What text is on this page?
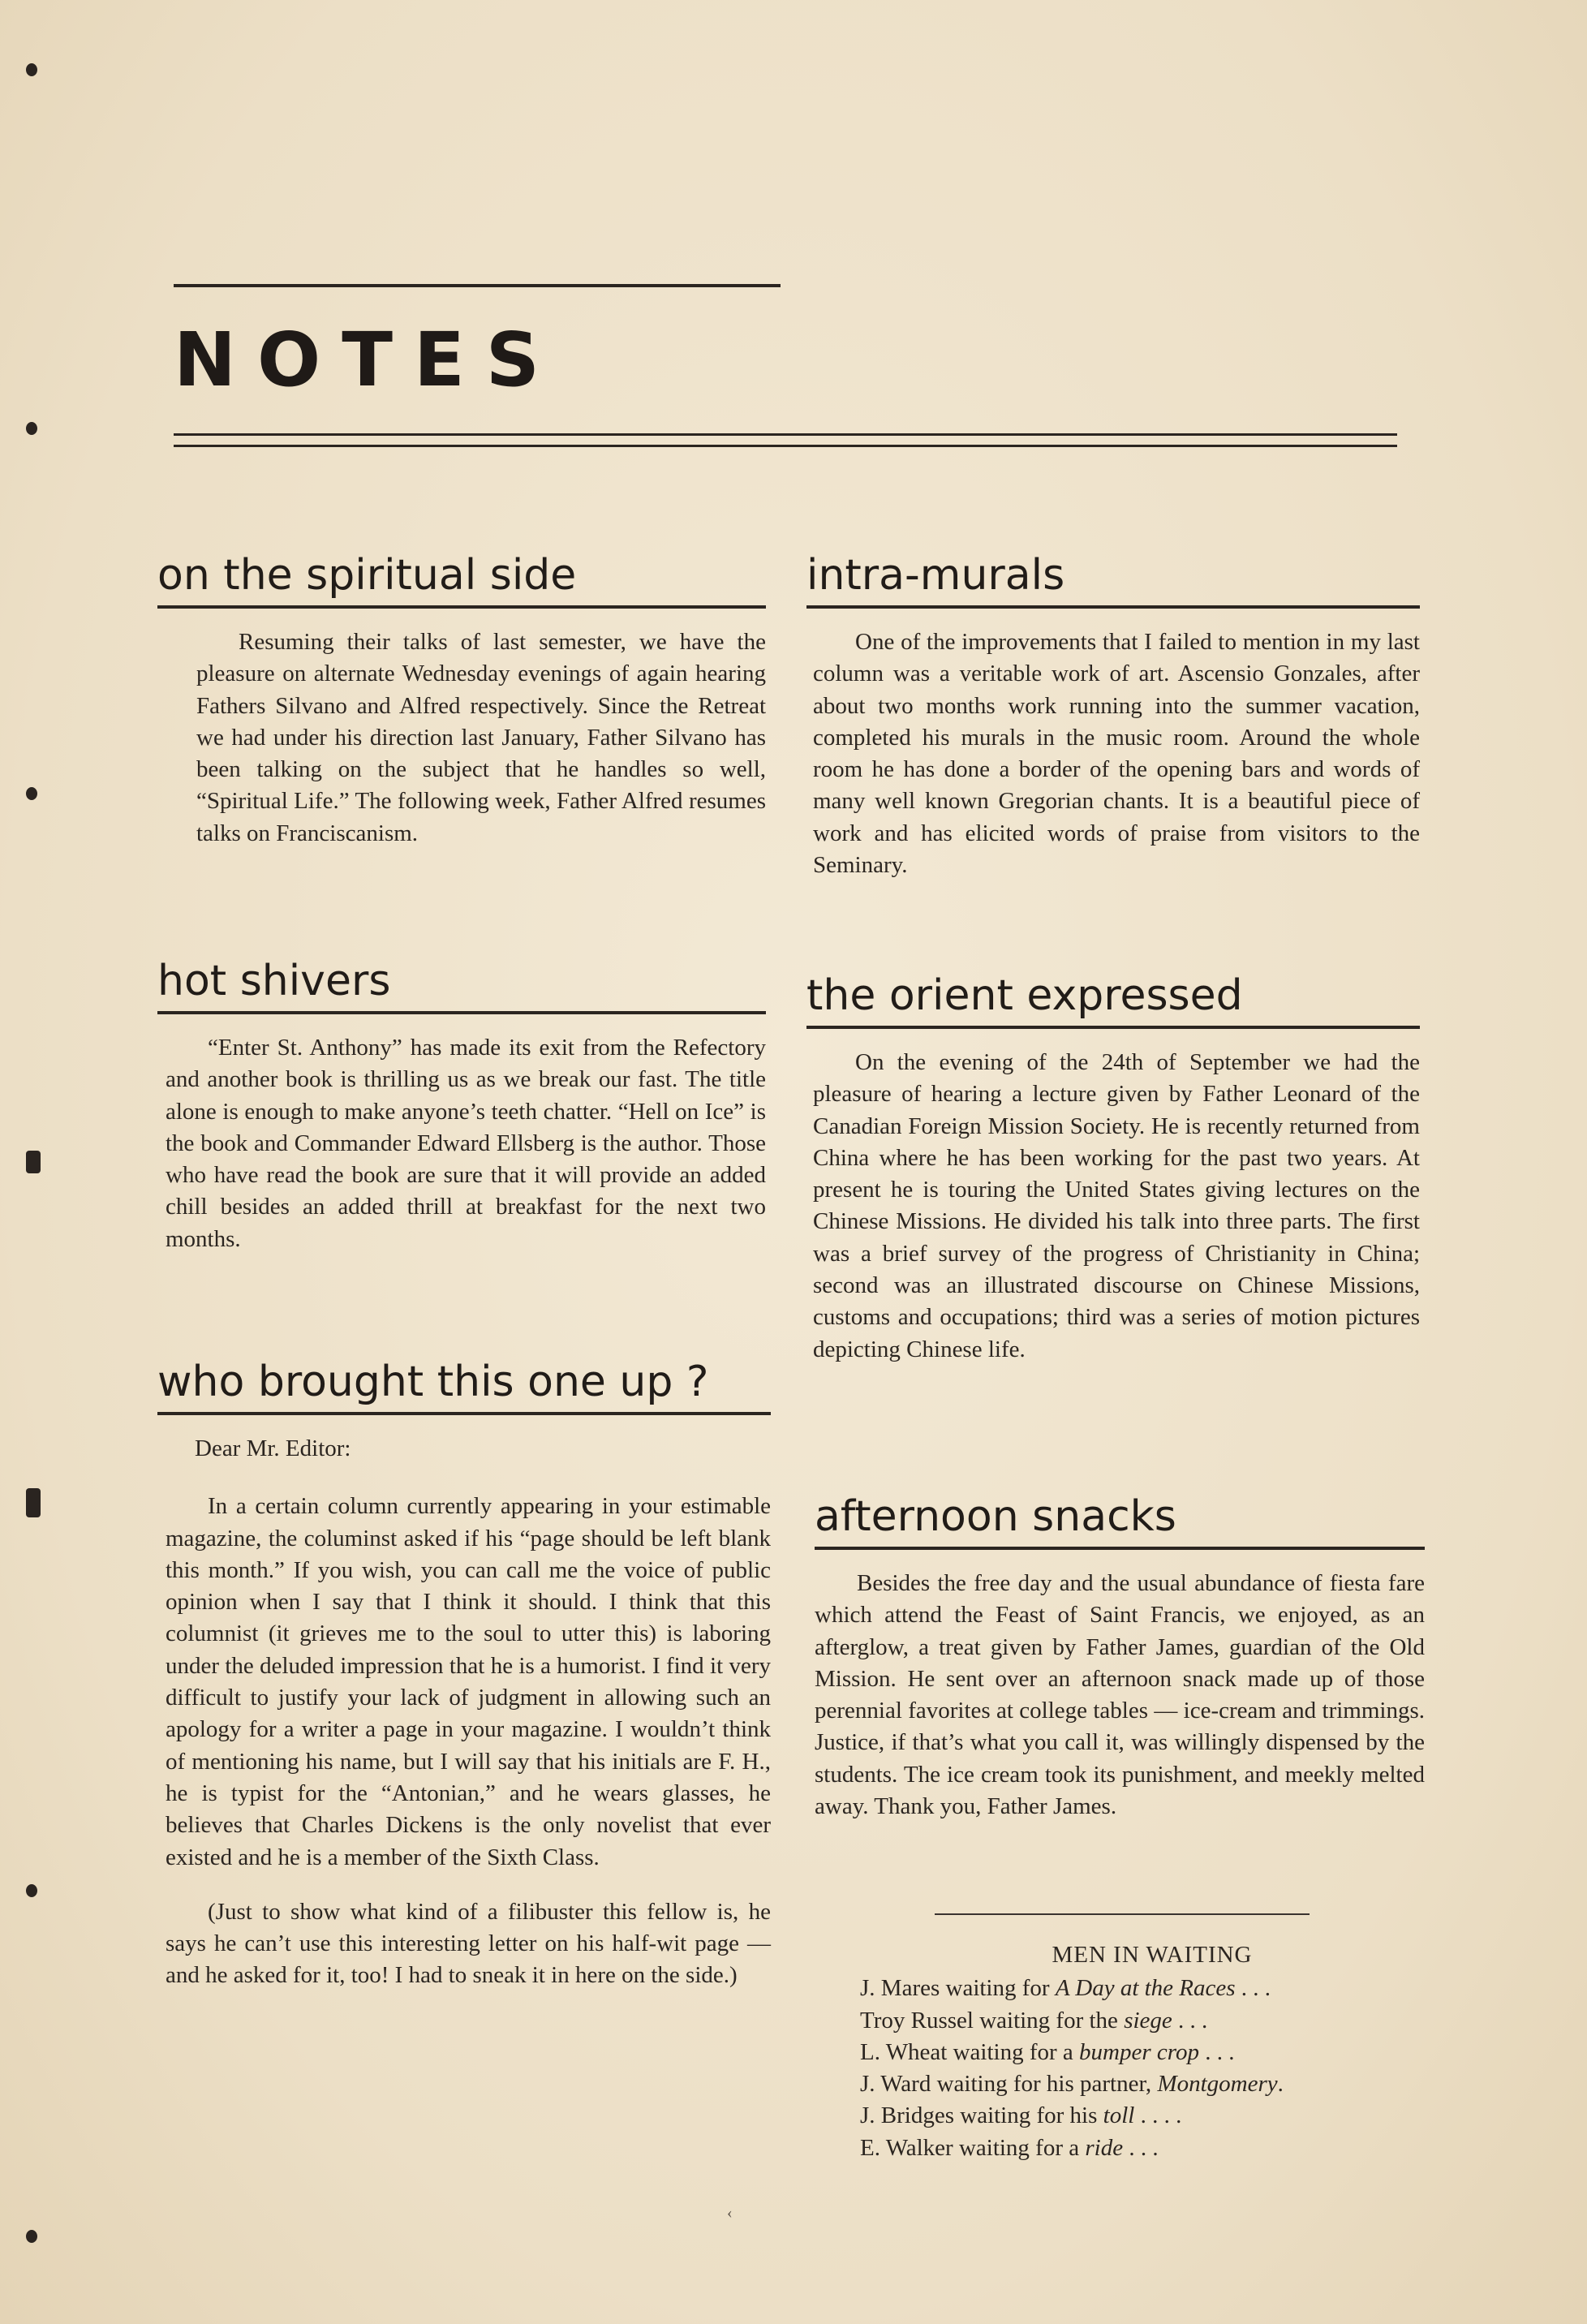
NOTES
on the spiritual side

Resuming their talks of last semester, we have the pleasure on alternate Wednesday evenings of again hearing Fathers Silvano and Alfred respectively. Since the Retreat we had under his direction last January, Father Silvano has been talking on the subject that he handles so well, “Spiritual Life.” The following week, Father Alfred resumes talks on Franciscanism.

hot shivers

“Enter St. Anthony” has made its exit from the Refectory and another book is thrilling us as we break our fast. The title alone is enough to make anyone’s teeth chatter. “Hell on Ice” is the book and Commander Edward Ellsberg is the author. Those who have read the book are sure that it will provide an added chill besides an added thrill at breakfast for the next two months.

who brought this one up ?

Dear Mr. Editor:

In a certain column currently appearing in your estimable magazine, the columinst asked if his “page should be left blank this month.” If you wish, you can call me the voice of public opinion when I say that I think it should. I think that this columnist (it grieves me to the soul to utter this) is laboring under the deluded impression that he is a humorist. I find it very difficult to justify your lack of judgment in allowing such an apology for a writer a page in your magazine. I wouldn’t think of mentioning his name, but I will say that his initials are F. H., he is typist for the “Antonian,” and he wears glasses, he believes that Charles Dickens is the only novelist that ever existed and he is a member of the Sixth Class.

(Just to show what kind of a filibuster this fellow is, he says he can’t use this interesting letter on his half-wit page — and he asked for it, too! I had to sneak it in here on the side.)

intra-murals

One of the improvements that I failed to mention in my last column was a veritable work of art. Ascensio Gonzales, after about two months work running into the summer vacation, completed his murals in the music room. Around the whole room he has done a border of the opening bars and words of many well known Gregorian chants. It is a beautiful piece of work and has elicited words of praise from visitors to the Seminary.

the orient expressed

On the evening of the 24th of September we had the pleasure of hearing a lecture given by Father Leonard of the Canadian Foreign Mission Society. He is recently returned from China where he has been working for the past two years. At present he is touring the United States giving lectures on the Chinese Missions. He divided his talk into three parts. The first was a brief survey of the progress of Christianity in China; second was an illustrated discourse on Chinese Missions, customs and occupations; third was a series of motion pictures depicting Chinese life.

afternoon snacks

Besides the free day and the usual abundance of fiesta fare which attend the Feast of Saint Francis, we enjoyed, as an afterglow, a treat given by Father James, guardian of the Old Mission. He sent over an afternoon snack made up of those perennial favorites at college tables — ice-cream and trimmings. Justice, if that’s what you call it, was willingly dispensed by the students. The ice cream took its punishment, and meekly melted away. Thank you, Father James.

MEN IN WAITING

J. Mares waiting for A Day at the Races . . .

Troy Russel waiting for the siege . . .

L. Wheat waiting for a bumper crop . . .

J. Ward waiting for his partner, Montgomery.

J. Bridges waiting for his toll . . . .

E. Walker waiting for a ride . . .

‹
